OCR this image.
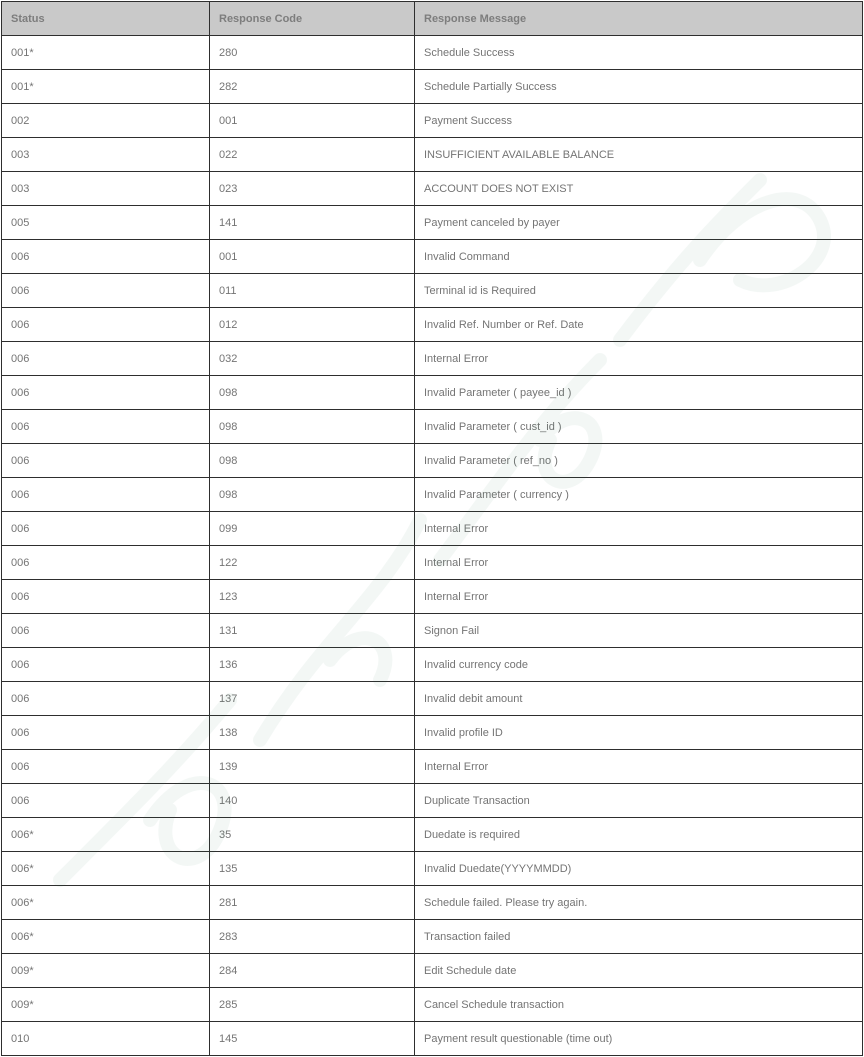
Status	Response Code	Response Message
001*	280	Schedule Success
001*	282	Schedule Partially Success
002	001	Payment Success
003	022	INSUFFICIENT AVAILABLE BALANCE
003	023	ACCOUNT DOES NOT EXIST
005	141	Payment canceled by payer
006	001	Invalid Command
006	011	Terminal id is Required
006	012	Invalid Ref. Number or Ref. Date
006	032	Internal Error
006	098	Invalid Parameter ( payee_id )
006	098	Invalid Parameter ( cust_id )
006	098	Invalid Parameter ( ref_no )
006	098	Invalid Parameter ( currency )
006	099	Internal Error
006	122	Internal Error
006	123	Internal Error
006	131	Signon Fail
006	136	Invalid currency code
006	137	Invalid debit amount
006	138	Invalid profile ID
006	139	Internal Error
006	140	Duplicate Transaction
006*	35	Duedate is required
006*	135	Invalid Duedate(YYYYMMDD)
006*	281	Schedule failed. Please try again.
006*	283	Transaction failed
009*	284	Edit Schedule date
009*	285	Cancel Schedule transaction
010	145	Payment result questionable (time out)
